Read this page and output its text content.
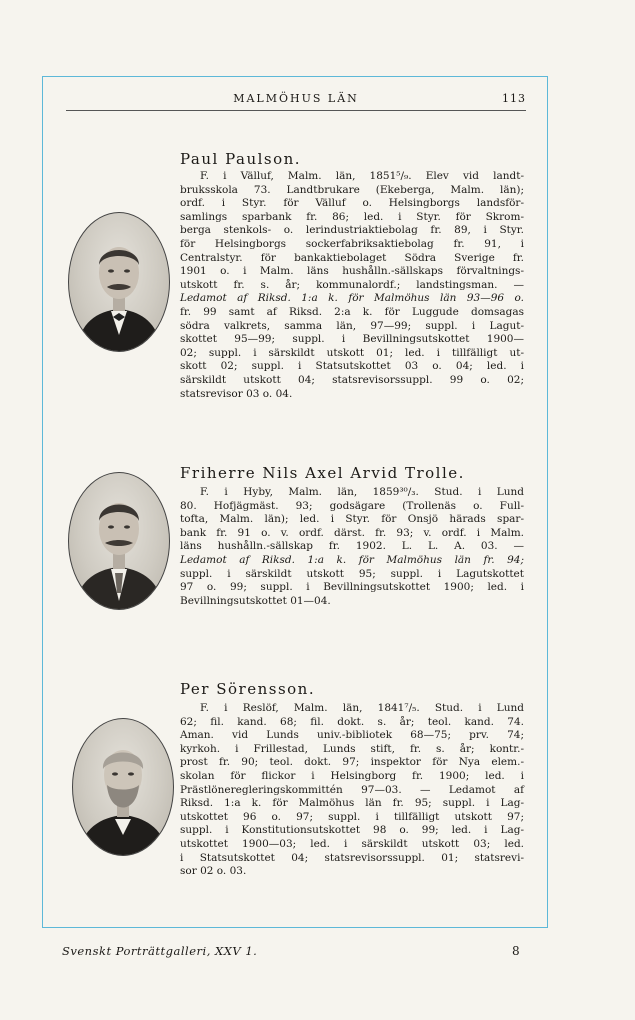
MALMÖHUS LÄN	113
Paul Paulson.
F. i Välluf, Malm. län, 1851⁵/₉. Elev vid landt-
bruksskola 73. Landtbrukare (Ekeberga, Malm. län);
ordf. i Styr. för Välluf o. Helsingborgs landsför-
samlings sparbank fr. 86; led. i Styr. för Skrom-
berga stenkols- o. lerindustriaktiebolag fr. 89, i Styr.
för Helsingborgs sockerfabriksaktiebolag fr. 91, i
Centralstyr. för bankaktiebolaget Södra Sverige fr.
1901 o. i Malm. läns hushålln.-sällskaps förvaltnings-
utskott fr. s. år; kommunalordf.; landstingsman. —
Ledamot af Riksd. 1:a k. för Malmöhus län 93—96 o.
fr. 99 samt af Riksd. 2:a k. för Luggude domsagas
södra valkrets, samma län, 97—99; suppl. i Lagut-
skottet 95—99; suppl. i Bevillningsutskottet 1900—
02; suppl. i särskildt utskott 01; led. i tillfälligt ut-
skott 02; suppl. i Statsutskottet 03 o. 04; led. i
särskildt utskott 04; statsrevisorssuppl. 99 o. 02;
statsrevisor 03 o. 04.
Friherre Nils Axel Arvid Trolle.
F. i Hyby, Malm. län, 1859³⁰/₃. Stud. i Lund
80. Hofjägmäst. 93; godsägare (Trollenäs o. Full-
tofta, Malm. län); led. i Styr. för Onsjö härads spar-
bank fr. 91 o. v. ordf. därst. fr. 93; v. ordf. i Malm.
läns hushålln.-sällskap fr. 1902. L. L. A. 03. —
Ledamot af Riksd. 1:a k. för Malmöhus län fr. 94;
suppl. i särskildt utskott 95; suppl. i Lagutskottet
97 o. 99; suppl. i Bevillningsutskottet 1900; led. i
Bevillningsutskottet 01—04.
Per Sörensson.
F. i Reslöf, Malm. län, 1841⁷/₅. Stud. i Lund
62; fil. kand. 68; fil. dokt. s. år; teol. kand. 74.
Aman. vid Lunds univ.-bibliotek 68—75; prv. 74;
kyrkoh. i Frillestad, Lunds stift, fr. s. år; kontr.-
prost fr. 90; teol. dokt. 97; inspektor för Nya elem.-
skolan för flickor i Helsingborg fr. 1900; led. i
Prästlöneregleringskommittén 97—03. — Ledamot af
Riksd. 1:a k. för Malmöhus län fr. 95; suppl. i Lag-
utskottet 96 o. 97; suppl. i tillfälligt utskott 97;
suppl. i Konstitutionsutskottet 98 o. 99; led. i Lag-
utskottet 1900—03; led. i särskildt utskott 03; led.
i Statsutskottet 04; statsrevisorssuppl. 01; statsrevi-
sor 02 o. 03.
Svenskt Porträttgalleri, XXV 1.	8
